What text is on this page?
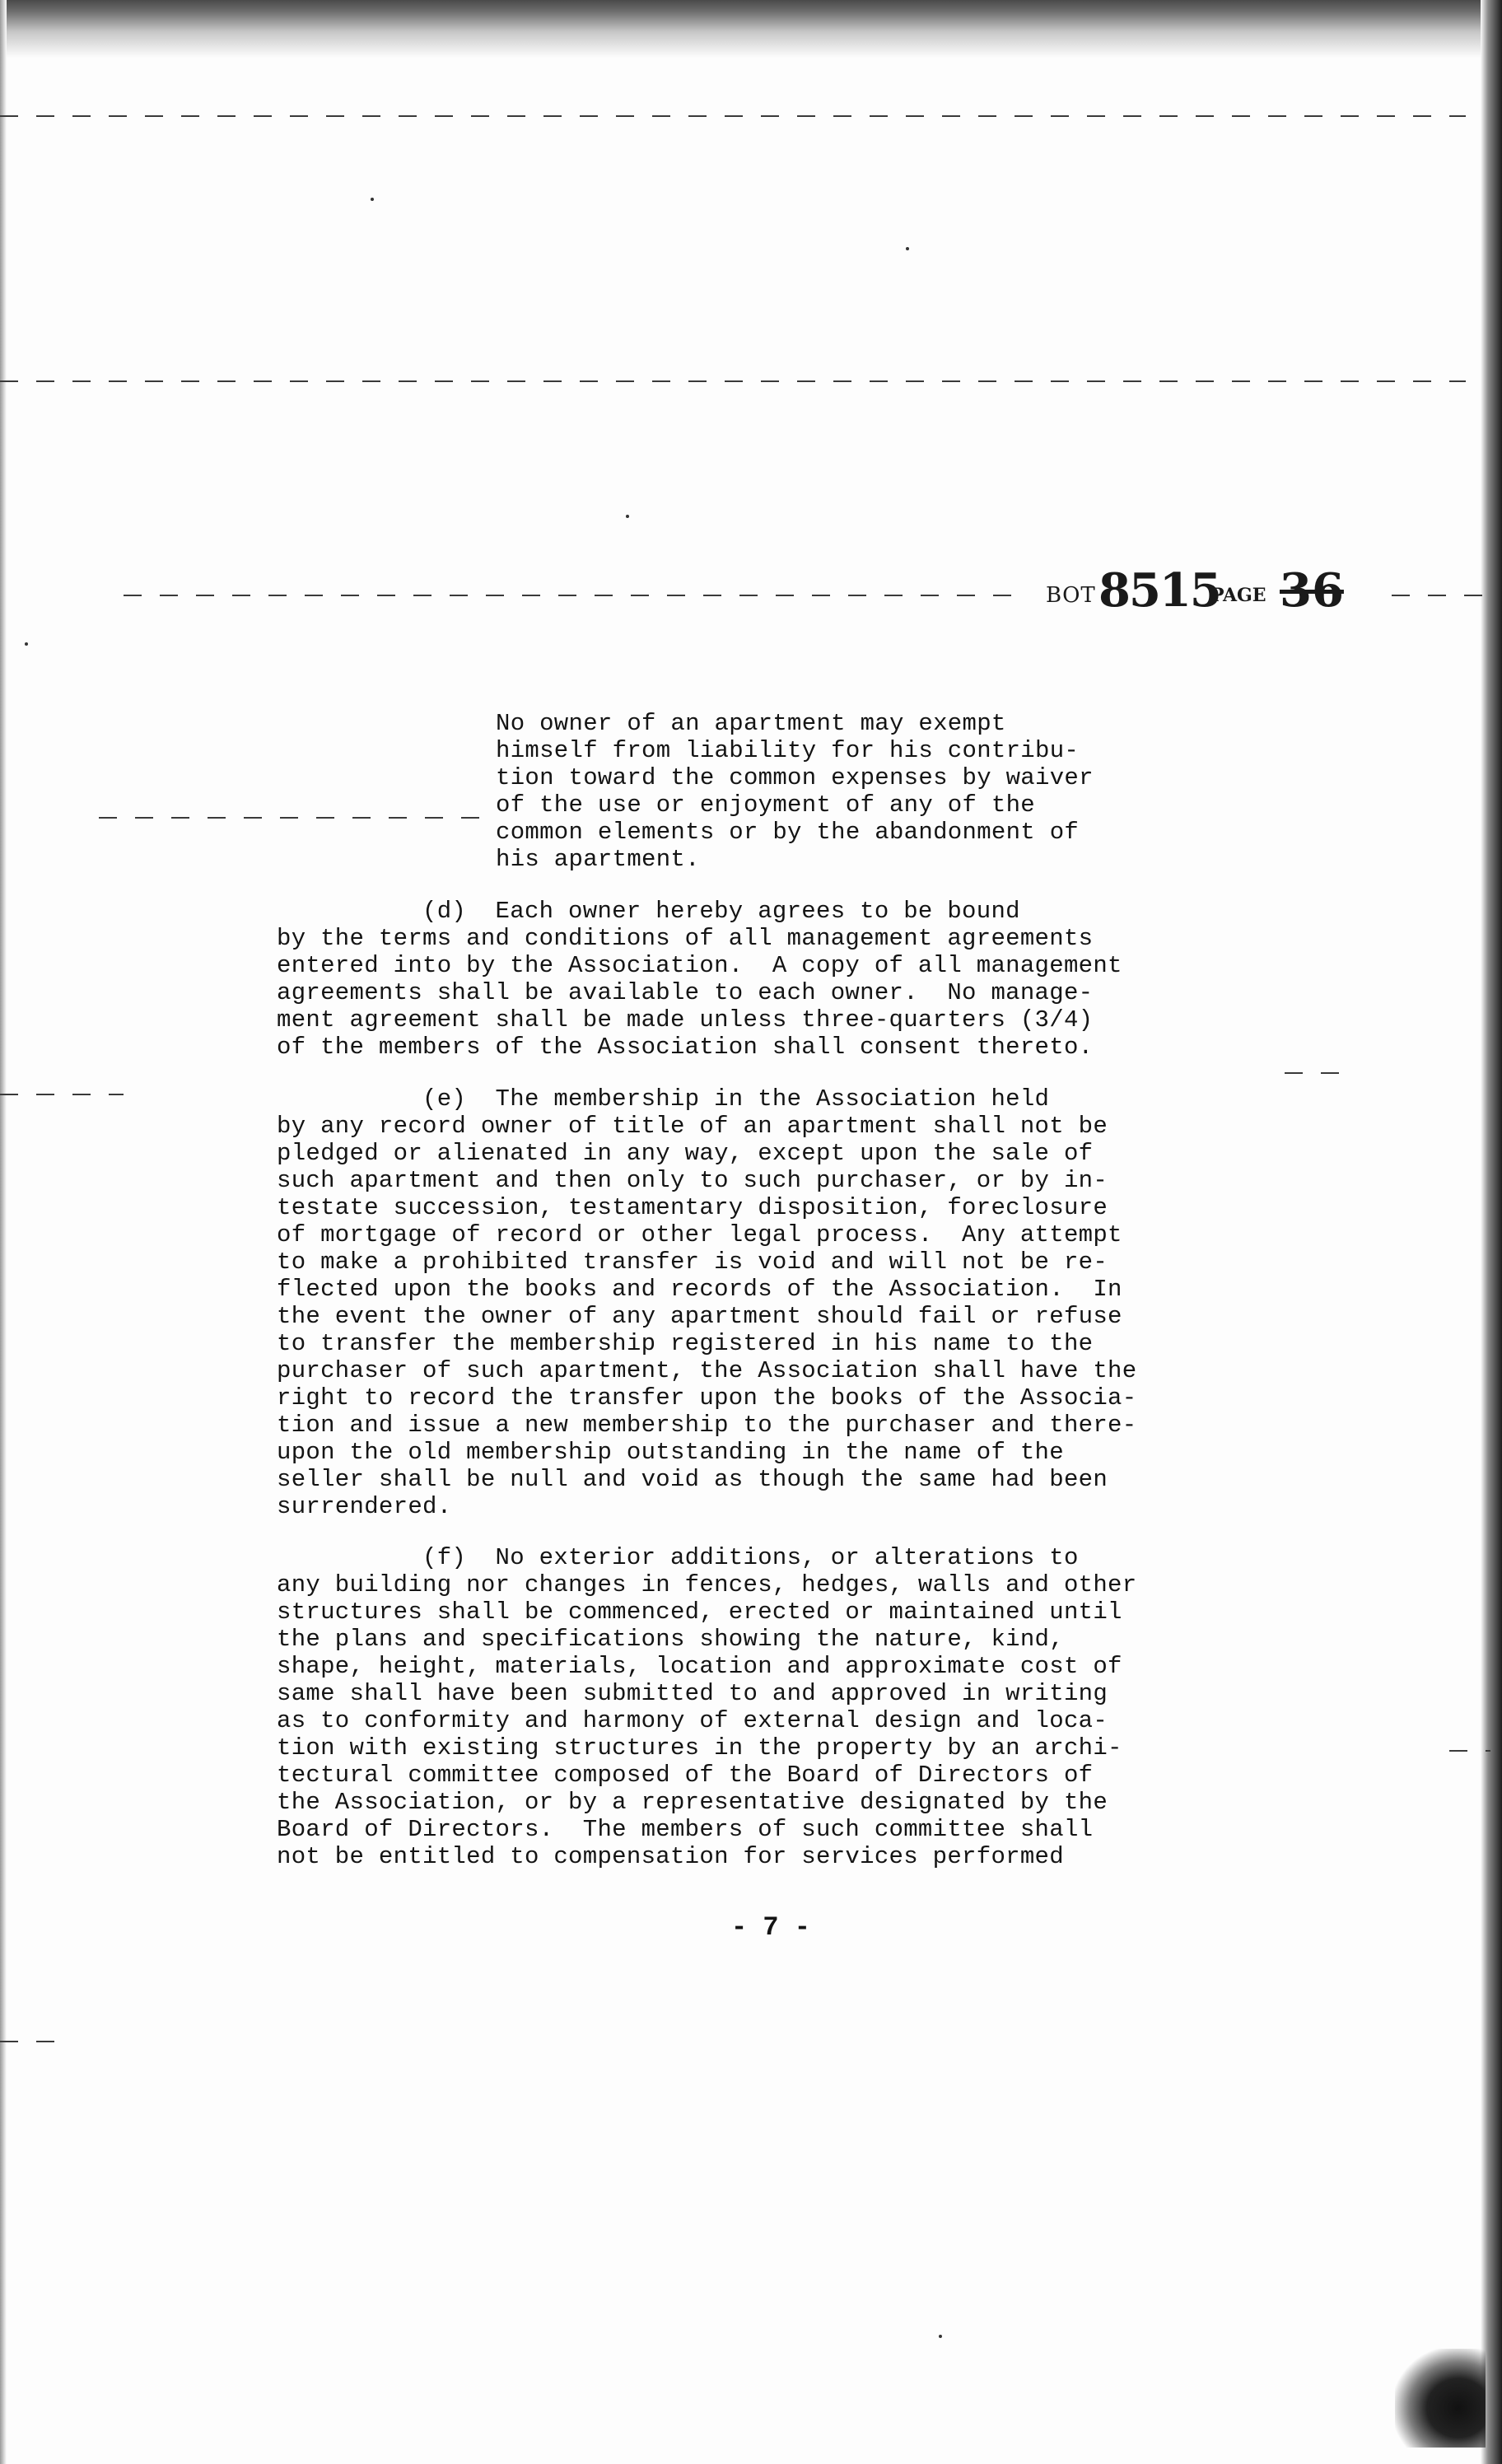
ВОТ 8515
PAGE 36
No owner of an apartment may exempt
himself from liability for his contribu-
tion toward the common expenses by waiver
of the use or enjoyment of any of the
common elements or by the abandonment of
his apartment.
(d)  Each owner hereby agrees to be bound
by the terms and conditions of all management agreements
entered into by the Association.  A copy of all management
agreements shall be available to each owner.  No manage-
ment agreement shall be made unless three-quarters (3/4)
of the members of the Association shall consent thereto.
(e)  The membership in the Association held
by any record owner of title of an apartment shall not be
pledged or alienated in any way, except upon the sale of
such apartment and then only to such purchaser, or by in-
testate succession, testamentary disposition, foreclosure
of mortgage of record or other legal process.  Any attempt
to make a prohibited transfer is void and will not be re-
flected upon the books and records of the Association.  In
the event the owner of any apartment should fail or refuse
to transfer the membership registered in his name to the
purchaser of such apartment, the Association shall have the
right to record the transfer upon the books of the Associa-
tion and issue a new membership to the purchaser and there-
upon the old membership outstanding in the name of the
seller shall be null and void as though the same had been
surrendered.
(f)  No exterior additions, or alterations to
any building nor changes in fences, hedges, walls and other
structures shall be commenced, erected or maintained until
the plans and specifications showing the nature, kind,
shape, height, materials, location and approximate cost of
same shall have been submitted to and approved in writing
as to conformity and harmony of external design and loca-
tion with existing structures in the property by an archi-
tectural committee composed of the Board of Directors of
the Association, or by a representative designated by the
Board of Directors.  The members of such committee shall
not be entitled to compensation for services performed
- 7 -
